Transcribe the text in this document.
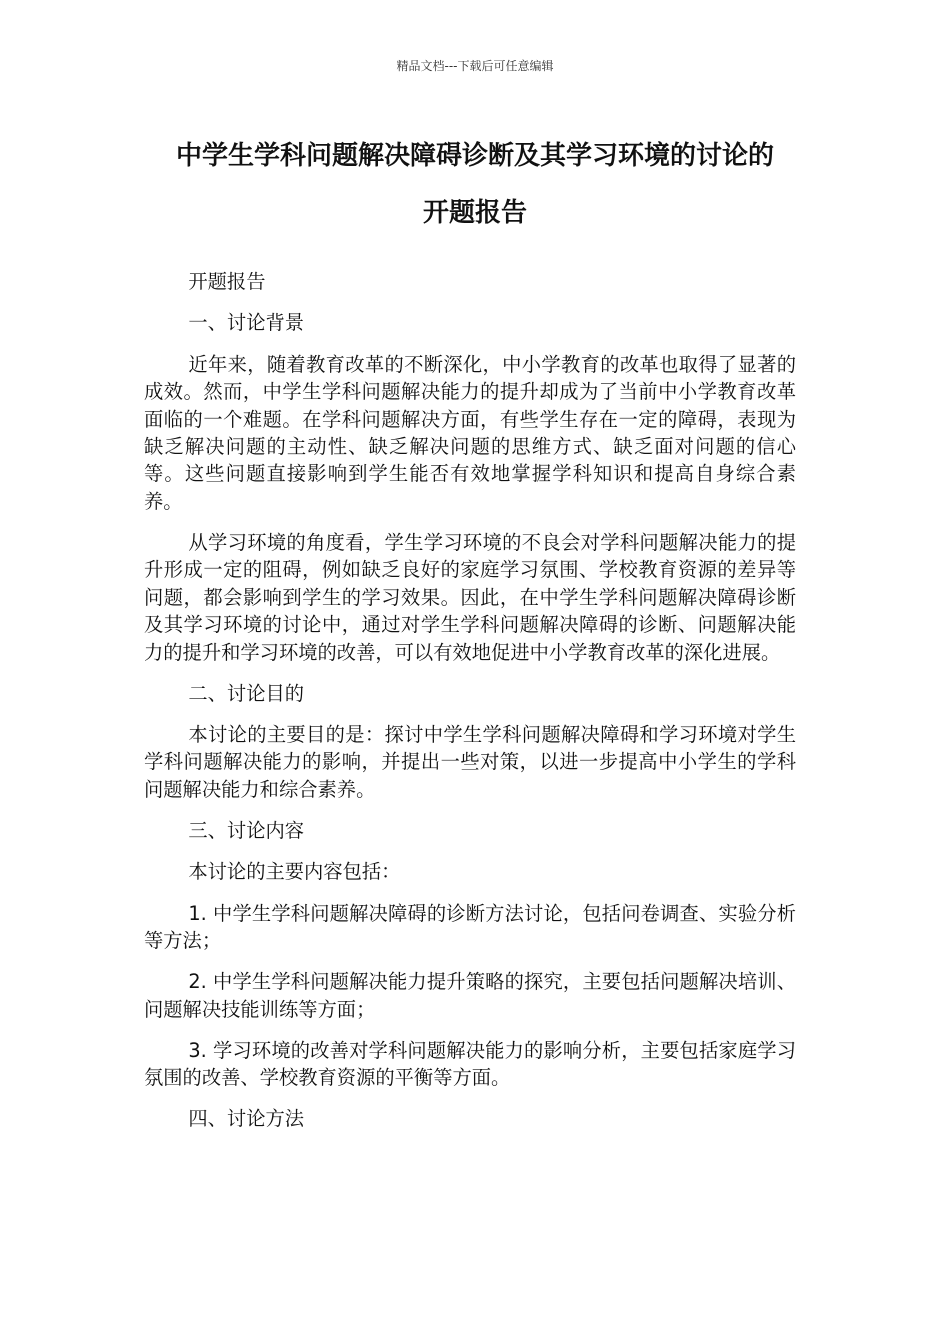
精品文档---下载后可任意编辑
中学生学科问题解决障碍诊断及其学习环境的讨论的
开题报告

开题报告

一、讨论背景

近年来，随着教育改革的不断深化，中小学教育的改革也取得了显著的成效。然而，中学生学科问题解决能力的提升却成为了当前中小学教育改革面临的一个难题。在学科问题解决方面，有些学生存在一定的障碍，表现为缺乏解决问题的主动性、缺乏解决问题的思维方式、缺乏面对问题的信心等。这些问题直接影响到学生能否有效地掌握学科知识和提高自身综合素养。

从学习环境的角度看，学生学习环境的不良会对学科问题解决能力的提升形成一定的阻碍，例如缺乏良好的家庭学习氛围、学校教育资源的差异等问题，都会影响到学生的学习效果。因此，在中学生学科问题解决障碍诊断及其学习环境的讨论中，通过对学生学科问题解决障碍的诊断、问题解决能力的提升和学习环境的改善，可以有效地促进中小学教育改革的深化进展。

二、讨论目的

本讨论的主要目的是：探讨中学生学科问题解决障碍和学习环境对学生学科问题解决能力的影响，并提出一些对策，以进一步提高中小学生的学科问题解决能力和综合素养。

三、讨论内容

本讨论的主要内容包括：

1. 中学生学科问题解决障碍的诊断方法讨论，包括问卷调查、实验分析等方法；

2. 中学生学科问题解决能力提升策略的探究，主要包括问题解决培训、问题解决技能训练等方面；

3. 学习环境的改善对学科问题解决能力的影响分析，主要包括家庭学习氛围的改善、学校教育资源的平衡等方面。

四、讨论方法
